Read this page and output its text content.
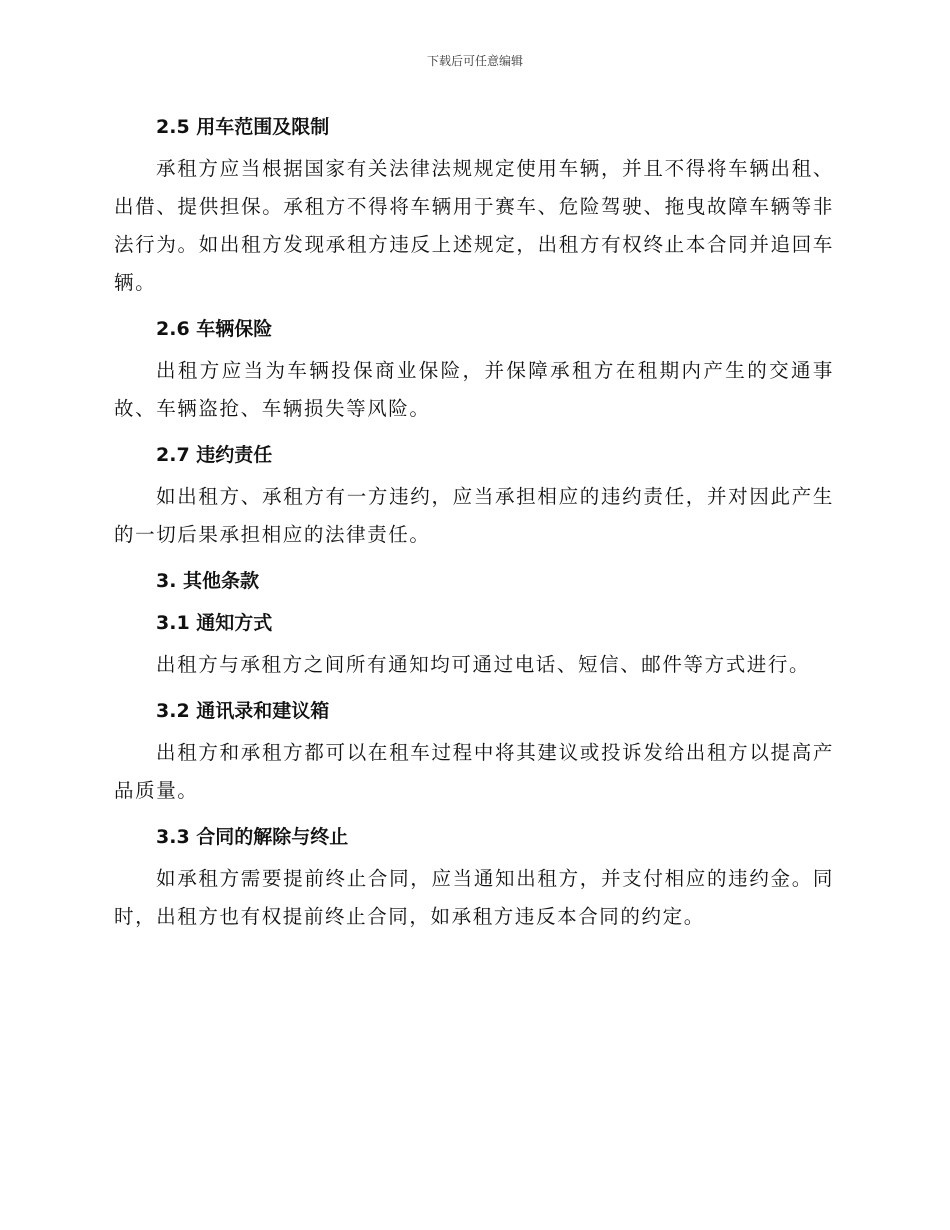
下载后可任意编辑

2.5 用车范围及限制

承租方应当根据国家有关法律法规规定使用车辆，并且不得将车辆出租、出借、提供担保。承租方不得将车辆用于赛车、危险驾驶、拖曳故障车辆等非法行为。如出租方发现承租方违反上述规定，出租方有权终止本合同并追回车辆。

2.6 车辆保险

出租方应当为车辆投保商业保险，并保障承租方在租期内产生的交通事故、车辆盗抢、车辆损失等风险。

2.7 违约责任

如出租方、承租方有一方违约，应当承担相应的违约责任，并对因此产生的一切后果承担相应的法律责任。

3. 其他条款

3.1 通知方式

出租方与承租方之间所有通知均可通过电话、短信、邮件等方式进行。

3.2 通讯录和建议箱

出租方和承租方都可以在租车过程中将其建议或投诉发给出租方以提高产品质量。

3.3 合同的解除与终止

如承租方需要提前终止合同，应当通知出租方，并支付相应的违约金。同时，出租方也有权提前终止合同，如承租方违反本合同的约定。
